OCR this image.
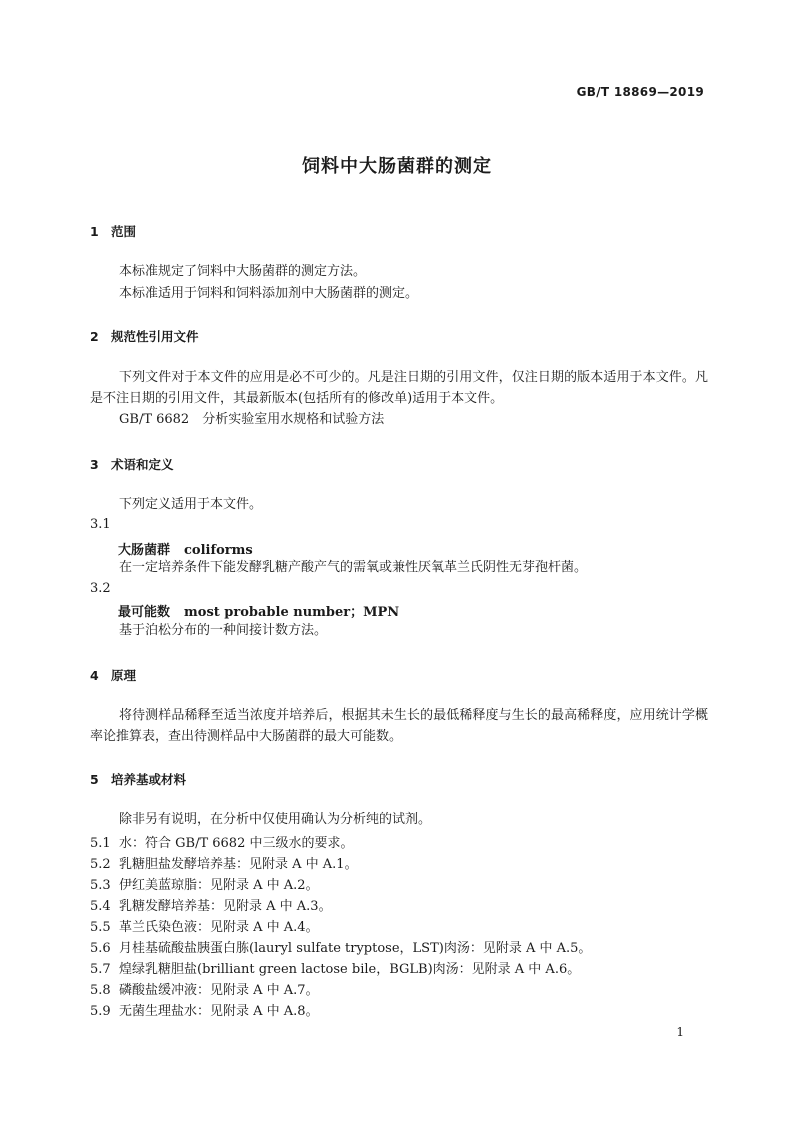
GB/T 18869—2019
饲料中大肠菌群的测定
1 范围
本标准规定了饲料中大肠菌群的测定方法。
本标准适用于饲料和饲料添加剂中大肠菌群的测定。
2 规范性引用文件
下列文件对于本文件的应用是必不可少的。凡是注日期的引用文件，仅注日期的版本适用于本文件。凡是不注日期的引用文件，其最新版本(包括所有的修改单)适用于本文件。
GB/T 6682　分析实验室用水规格和试验方法
3 术语和定义
下列定义适用于本文件。
3.1
大肠菌群 coliforms
在一定培养条件下能发酵乳糖产酸产气的需氧或兼性厌氧革兰氏阴性无芽孢杆菌。
3.2
最可能数 most probable number；MPN
基于泊松分布的一种间接计数方法。
4 原理
将待测样品稀释至适当浓度并培养后，根据其未生长的最低稀释度与生长的最高稀释度，应用统计学概率论推算表，查出待测样品中大肠菌群的最大可能数。
5 培养基或材料
除非另有说明，在分析中仅使用确认为分析纯的试剂。
5.1 水：符合 GB/T 6682 中三级水的要求。
5.2 乳糖胆盐发酵培养基：见附录 A 中 A.1。
5.3 伊红美蓝琼脂：见附录 A 中 A.2。
5.4 乳糖发酵培养基：见附录 A 中 A.3。
5.5 革兰氏染色液：见附录 A 中 A.4。
5.6 月桂基硫酸盐胰蛋白胨(lauryl sulfate tryptose，LST)肉汤：见附录 A 中 A.5。
5.7 煌绿乳糖胆盐(brilliant green lactose bile，BGLB)肉汤：见附录 A 中 A.6。
5.8 磷酸盐缓冲液：见附录 A 中 A.7。
5.9 无菌生理盐水：见附录 A 中 A.8。
1
